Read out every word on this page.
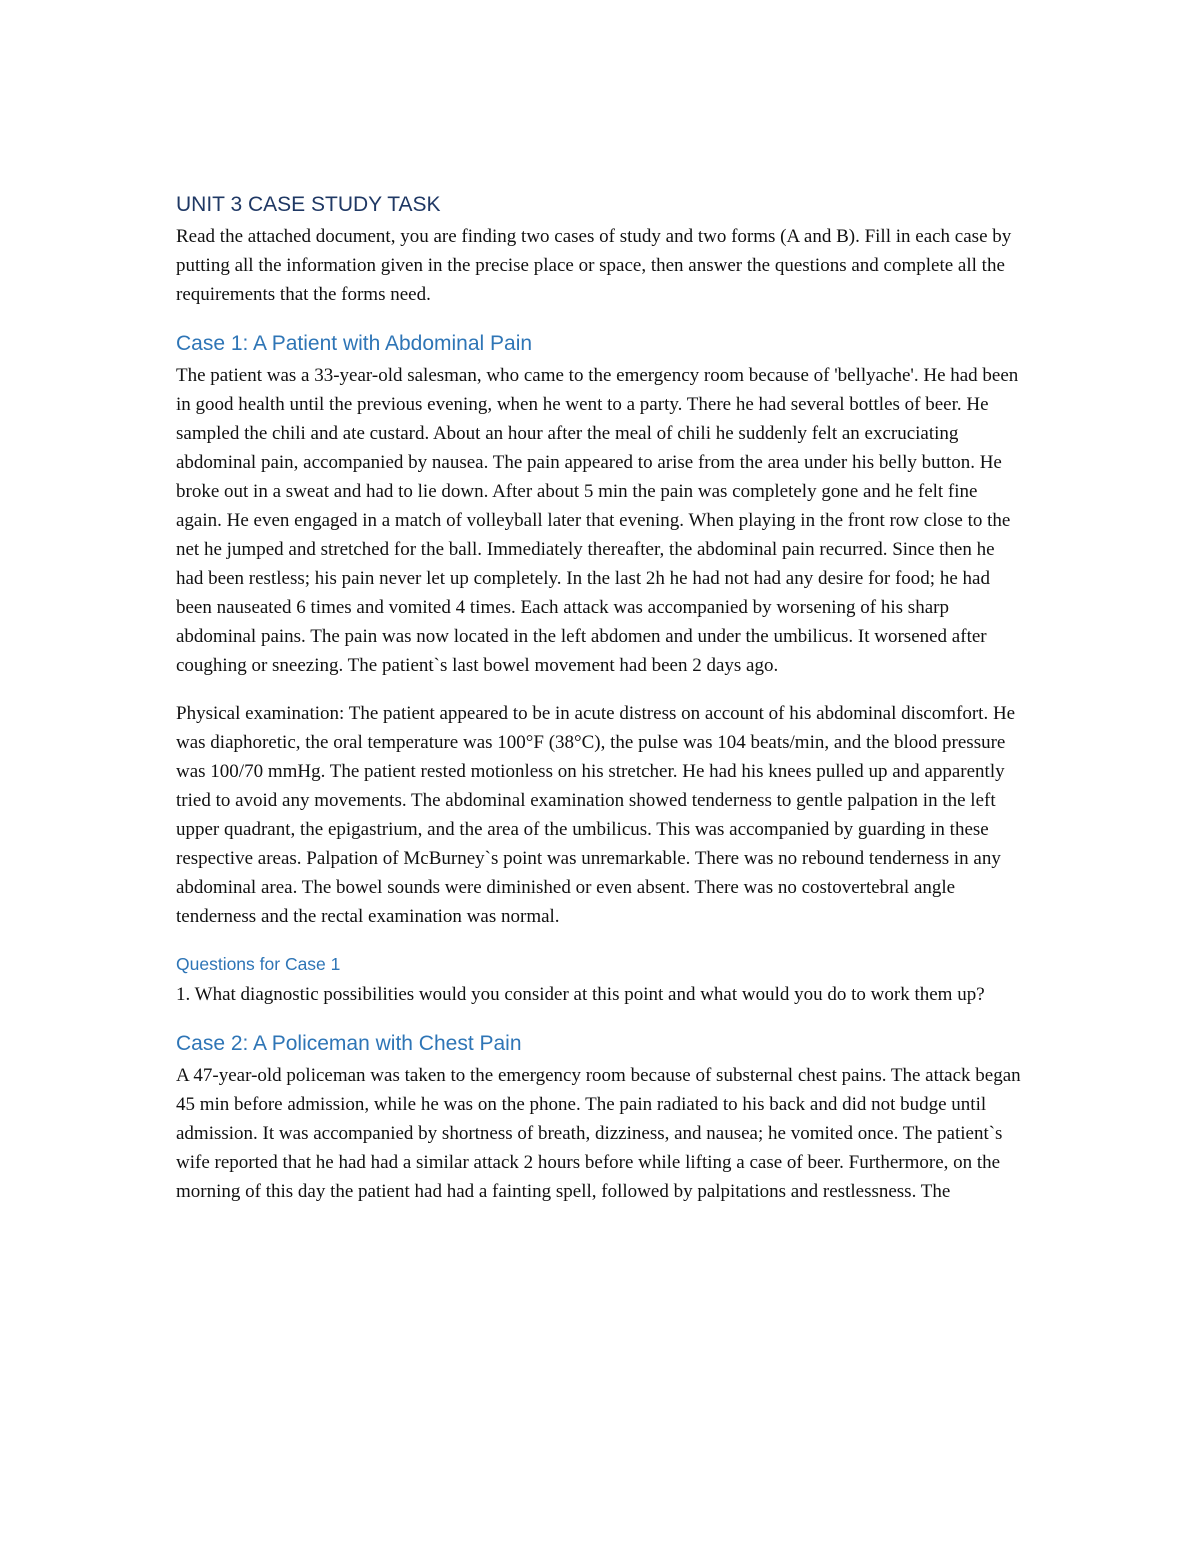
UNIT 3 CASE STUDY TASK

Read the attached document, you are finding two cases of study and two forms (A and B). Fill in each case by putting all the information given in the precise place or space, then answer the questions and complete all the requirements that the forms need.

Case 1: A Patient with Abdominal Pain

The patient was a 33-year-old salesman, who came to the emergency room because of 'bellyache'. He had been in good health until the previous evening, when he went to a party. There he had several bottles of beer. He sampled the chili and ate custard. About an hour after the meal of chili he suddenly felt an excruciating abdominal pain, accompanied by nausea. The pain appeared to arise from the area under his belly button. He broke out in a sweat and had to lie down. After about 5 min the pain was completely gone and he felt fine again. He even engaged in a match of volleyball later that evening. When playing in the front row close to the net he jumped and stretched for the ball. Immediately thereafter, the abdominal pain recurred. Since then he had been restless; his pain never let up completely. In the last 2h he had not had any desire for food; he had been nauseated 6 times and vomited 4 times. Each attack was accompanied by worsening of his sharp abdominal pains. The pain was now located in the left abdomen and under the umbilicus. It worsened after coughing or sneezing. The patient`s last bowel movement had been 2 days ago.

Physical examination: The patient appeared to be in acute distress on account of his abdominal discomfort. He was diaphoretic, the oral temperature was 100°F (38°C), the pulse was 104 beats/min, and the blood pressure was 100/70 mmHg. The patient rested motionless on his stretcher. He had his knees pulled up and apparently tried to avoid any movements. The abdominal examination showed tenderness to gentle palpation in the left upper quadrant, the epigastrium, and the area of the umbilicus. This was accompanied by guarding in these respective areas. Palpation of McBurney`s point was unremarkable. There was no rebound tenderness in any abdominal area. The bowel sounds were diminished or even absent. There was no costovertebral angle tenderness and the rectal examination was normal.

Questions for Case 1

1. What diagnostic possibilities would you consider at this point and what would you do to work them up?

Case 2: A Policeman with Chest Pain

A 47-year-old policeman was taken to the emergency room because of substernal chest pains. The attack began 45 min before admission, while he was on the phone. The pain radiated to his back and did not budge until admission. It was accompanied by shortness of breath, dizziness, and nausea; he vomited once. The patient`s wife reported that he had had a similar attack 2 hours before while lifting a case of beer. Furthermore, on the morning of this day the patient had had a fainting spell, followed by palpitations and restlessness. The
